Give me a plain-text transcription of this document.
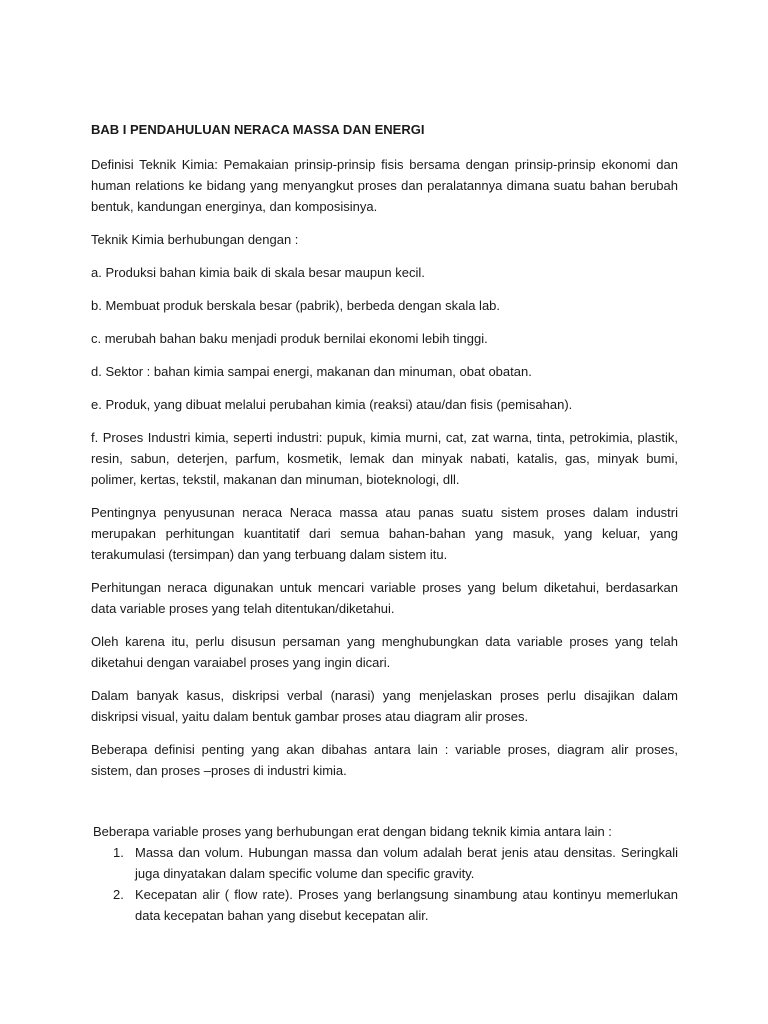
BAB I PENDAHULUAN NERACA MASSA DAN ENERGI

Definisi Teknik Kimia: Pemakaian prinsip-prinsip fisis bersama dengan prinsip-prinsip ekonomi dan human relations ke bidang yang menyangkut proses dan peralatannya dimana suatu bahan berubah bentuk, kandungan energinya, dan komposisinya.

Teknik Kimia berhubungan dengan :

a. Produksi bahan kimia baik di skala besar maupun kecil.

b. Membuat produk berskala besar (pabrik), berbeda dengan skala lab.

c. merubah bahan baku menjadi produk bernilai ekonomi lebih tinggi.

d. Sektor : bahan kimia sampai energi, makanan dan minuman, obat obatan.

e. Produk, yang dibuat melalui perubahan kimia (reaksi) atau/dan fisis (pemisahan).

f. Proses Industri kimia, seperti industri: pupuk, kimia murni, cat, zat warna, tinta, petrokimia, plastik, resin, sabun, deterjen, parfum, kosmetik, lemak dan minyak nabati, katalis, gas, minyak bumi, polimer, kertas, tekstil, makanan dan minuman, bioteknologi, dll.

Pentingnya penyusunan neraca Neraca massa atau panas suatu sistem proses dalam industri merupakan perhitungan kuantitatif dari semua bahan-bahan yang masuk, yang keluar, yang terakumulasi (tersimpan) dan yang terbuang dalam sistem itu.

Perhitungan neraca digunakan untuk mencari variable proses yang belum diketahui, berdasarkan data variable proses yang telah ditentukan/diketahui.

Oleh karena itu, perlu disusun persaman yang menghubungkan data variable proses yang telah diketahui dengan varaiabel proses yang ingin dicari.

Dalam banyak kasus, diskripsi verbal (narasi) yang menjelaskan proses perlu disajikan dalam diskripsi visual, yaitu dalam bentuk gambar proses atau diagram alir proses.

Beberapa definisi penting yang akan dibahas antara lain : variable proses, diagram alir proses, sistem, dan proses –proses di industri kimia.

Beberapa variable proses yang berhubungan erat dengan bidang teknik kimia antara lain :
1. Massa dan volum. Hubungan massa dan volum adalah berat jenis atau densitas. Seringkali juga dinyatakan dalam specific volume dan specific gravity.
2. Kecepatan alir ( flow rate). Proses yang berlangsung sinambung atau kontinyu memerlukan data kecepatan bahan yang disebut kecepatan alir.
